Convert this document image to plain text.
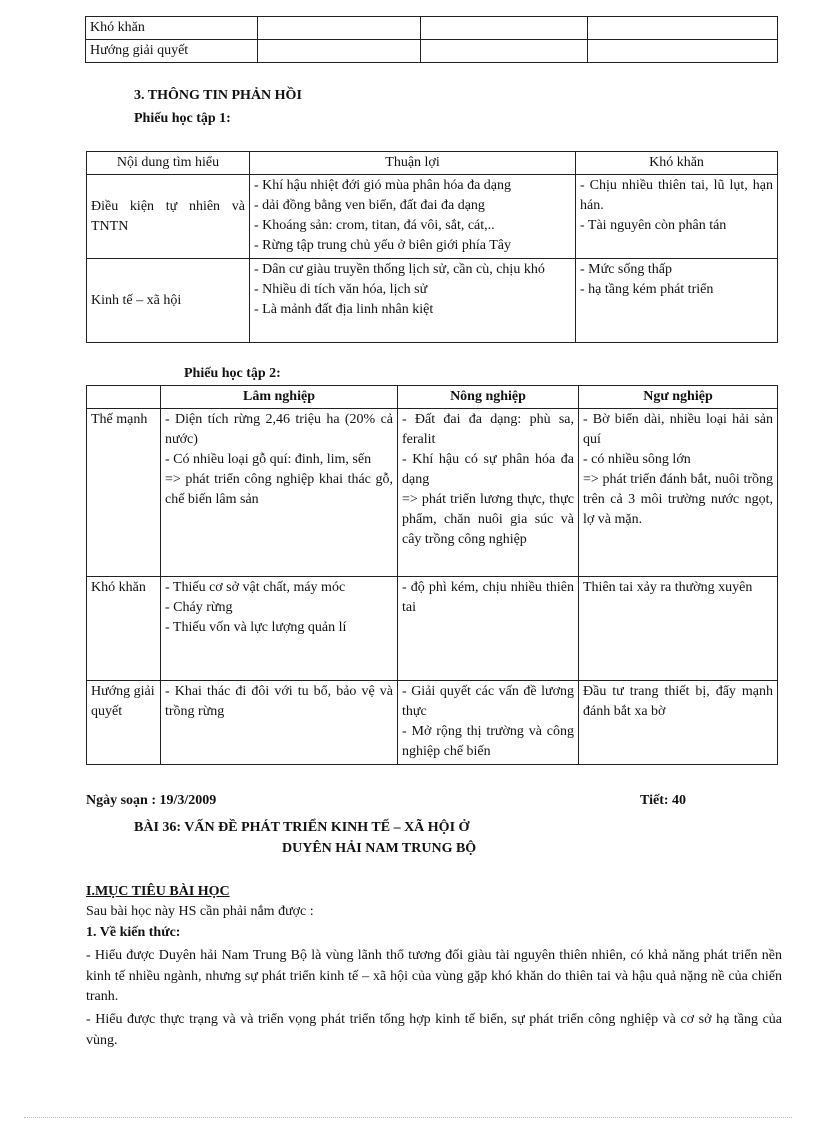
Khó khăn			
Hướng giải quyết			
3. THÔNG TIN PHẢN HỒI
Phiếu học tập 1:
Nội dung tìm hiểu	Thuận lợi	Khó khăn
Điều kiện tự nhiên và TNTN	- Khí hậu nhiệt đới gió mùa phân hóa đa dạng
- dải đồng bằng ven biển, đất đai đa dạng
- Khoáng sản: crom, titan, đá vôi, sắt, cát,..
- Rừng tập trung chủ yếu ở biên giới phía Tây	- Chịu nhiều thiên tai, lũ lụt, hạn hán.
- Tài nguyên còn phân tán

Kinh tế – xã hội	- Dân cư giàu truyền thống lịch sử, cần cù, chịu khó
- Nhiều di tích văn hóa, lịch sử
- Là mảnh đất địa linh nhân kiệt	- Mức sống thấp
- hạ tầng kém phát triển
Phiếu học tập 2:
	Lâm nghiệp	Nông nghiệp	Ngư nghiệp
Thế mạnh	- Diện tích rừng 2,46 triệu ha (20% cả nước)
- Có nhiều loại gỗ quí: đinh, lim, sến
=> phát triển công nghiệp khai thác gỗ, chế biến lâm sản	- Đất đai đa dạng: phù sa, feralit
- Khí hậu có sự phân hóa đa dạng
=> phát triển lương thực, thực phẩm, chăn nuôi gia súc và cây trồng công nghiệp	- Bờ biển dài, nhiều loại hải sản quí
- có nhiều sông lớn
=> phát triển đánh bắt, nuôi trồng trên cả 3 môi trường nước ngọt, lợ và mặn.

Khó khăn	- Thiếu cơ sở vật chất, máy móc
- Cháy rừng
- Thiếu vốn và lực lượng quản lí	- độ phì kém, chịu nhiều thiên tai	Thiên tai xảy ra thường xuyên

Hướng giải quyết	- Khai thác đi đôi với tu bổ, bảo vệ và trồng rừng	- Giải quyết các vấn đề lương thực
- Mở rộng thị trường và công nghiệp chế biến	Đầu tư trang thiết bị, đẩy mạnh đánh bắt xa bờ
Ngày soạn : 19/3/2009	Tiết: 40
BÀI 36: VẤN ĐỀ PHÁT TRIỂN KINH TẾ – XÃ HỘI Ở
DUYÊN HẢI NAM TRUNG BỘ
I.MỤC TIÊU BÀI HỌC
Sau bài học này HS cần phải nắm được :
1. Về kiến thức:
- Hiểu được Duyên hải Nam Trung Bộ là vùng lãnh thổ tương đối giàu tài nguyên thiên nhiên, có khả năng phát triển nền kinh tế nhiều ngành, nhưng sự phát triển kinh tế – xã hội của vùng gặp khó khăn do thiên tai và hậu quả nặng nề của chiến tranh.
- Hiểu được thực trạng và và triển vọng phát triển tổng hợp kinh tế biển, sự phát triển công nghiệp và cơ sở hạ tầng của vùng.
